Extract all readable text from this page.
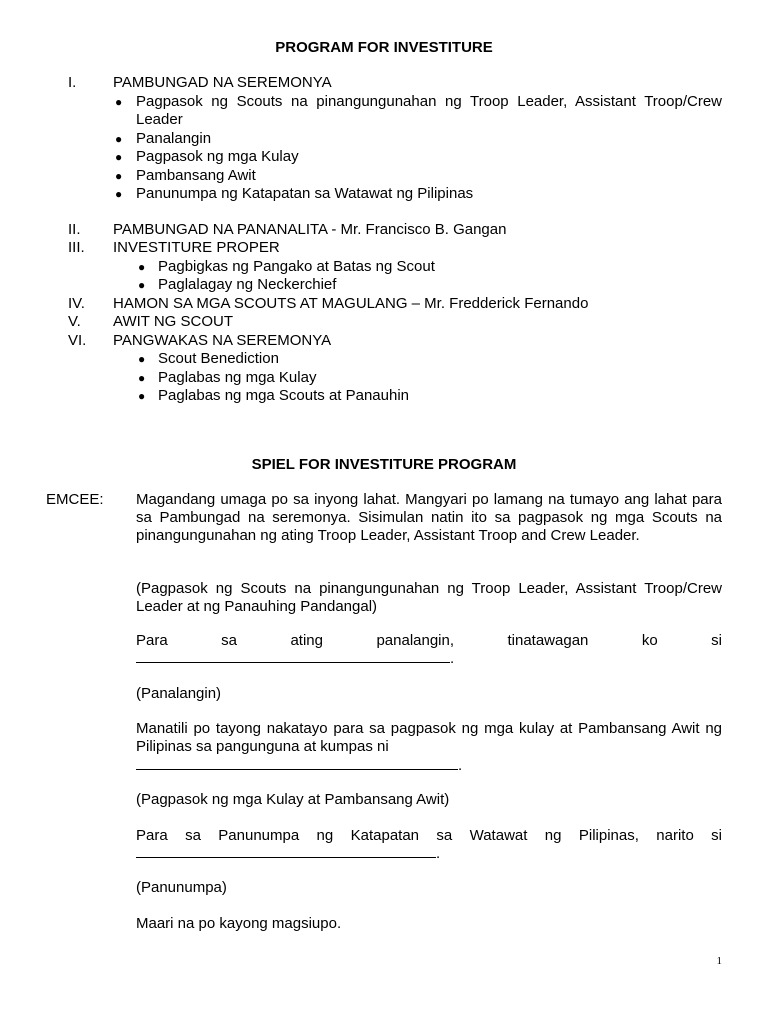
PROGRAM FOR INVESTITURE
I. PAMBUNGAD NA SEREMONYA
● Pagpasok ng Scouts na pinangungunahan ng Troop Leader, Assistant Troop/Crew Leader
● Panalangin
● Pagpasok ng mga Kulay
● Pambansang Awit
● Panunumpa ng Katapatan sa Watawat ng Pilipinas
II. PAMBUNGAD NA PANANALITA - Mr. Francisco B. Gangan
III. INVESTITURE PROPER
● Pagbigkas ng Pangako at Batas ng Scout
● Paglalagay ng Neckerchief
IV. HAMON SA MGA SCOUTS AT MAGULANG – Mr. Fredderick Fernando
V. AWIT NG SCOUT
VI. PANGWAKAS NA SEREMONYA
● Scout Benediction
● Paglabas ng mga Kulay
● Paglabas ng mga Scouts at Panauhin
SPIEL FOR INVESTITURE PROGRAM
EMCEE: Magandang umaga po sa inyong lahat. Mangyari po lamang na tumayo ang lahat para sa Pambungad na seremonya. Sisimulan natin ito sa pagpasok ng mga Scouts na pinangungunahan ng ating Troop Leader, Assistant Troop and Crew Leader.
(Pagpasok ng Scouts na pinangungunahan ng Troop Leader, Assistant Troop/Crew Leader at ng Panauhing Pandangal)
Para sa ating panalangin, tinatawagan ko si
.
(Panalangin)
Manatili po tayong nakatayo para sa pagpasok ng mga kulay at Pambansang Awit ng Pilipinas sa pangunguna at kumpas ni
.
(Pagpasok ng mga Kulay at Pambansang Awit)
Para sa Panunumpa ng Katapatan sa Watawat ng Pilipinas, narito si
.
(Panunumpa)
Maari na po kayong magsiupo.
1
